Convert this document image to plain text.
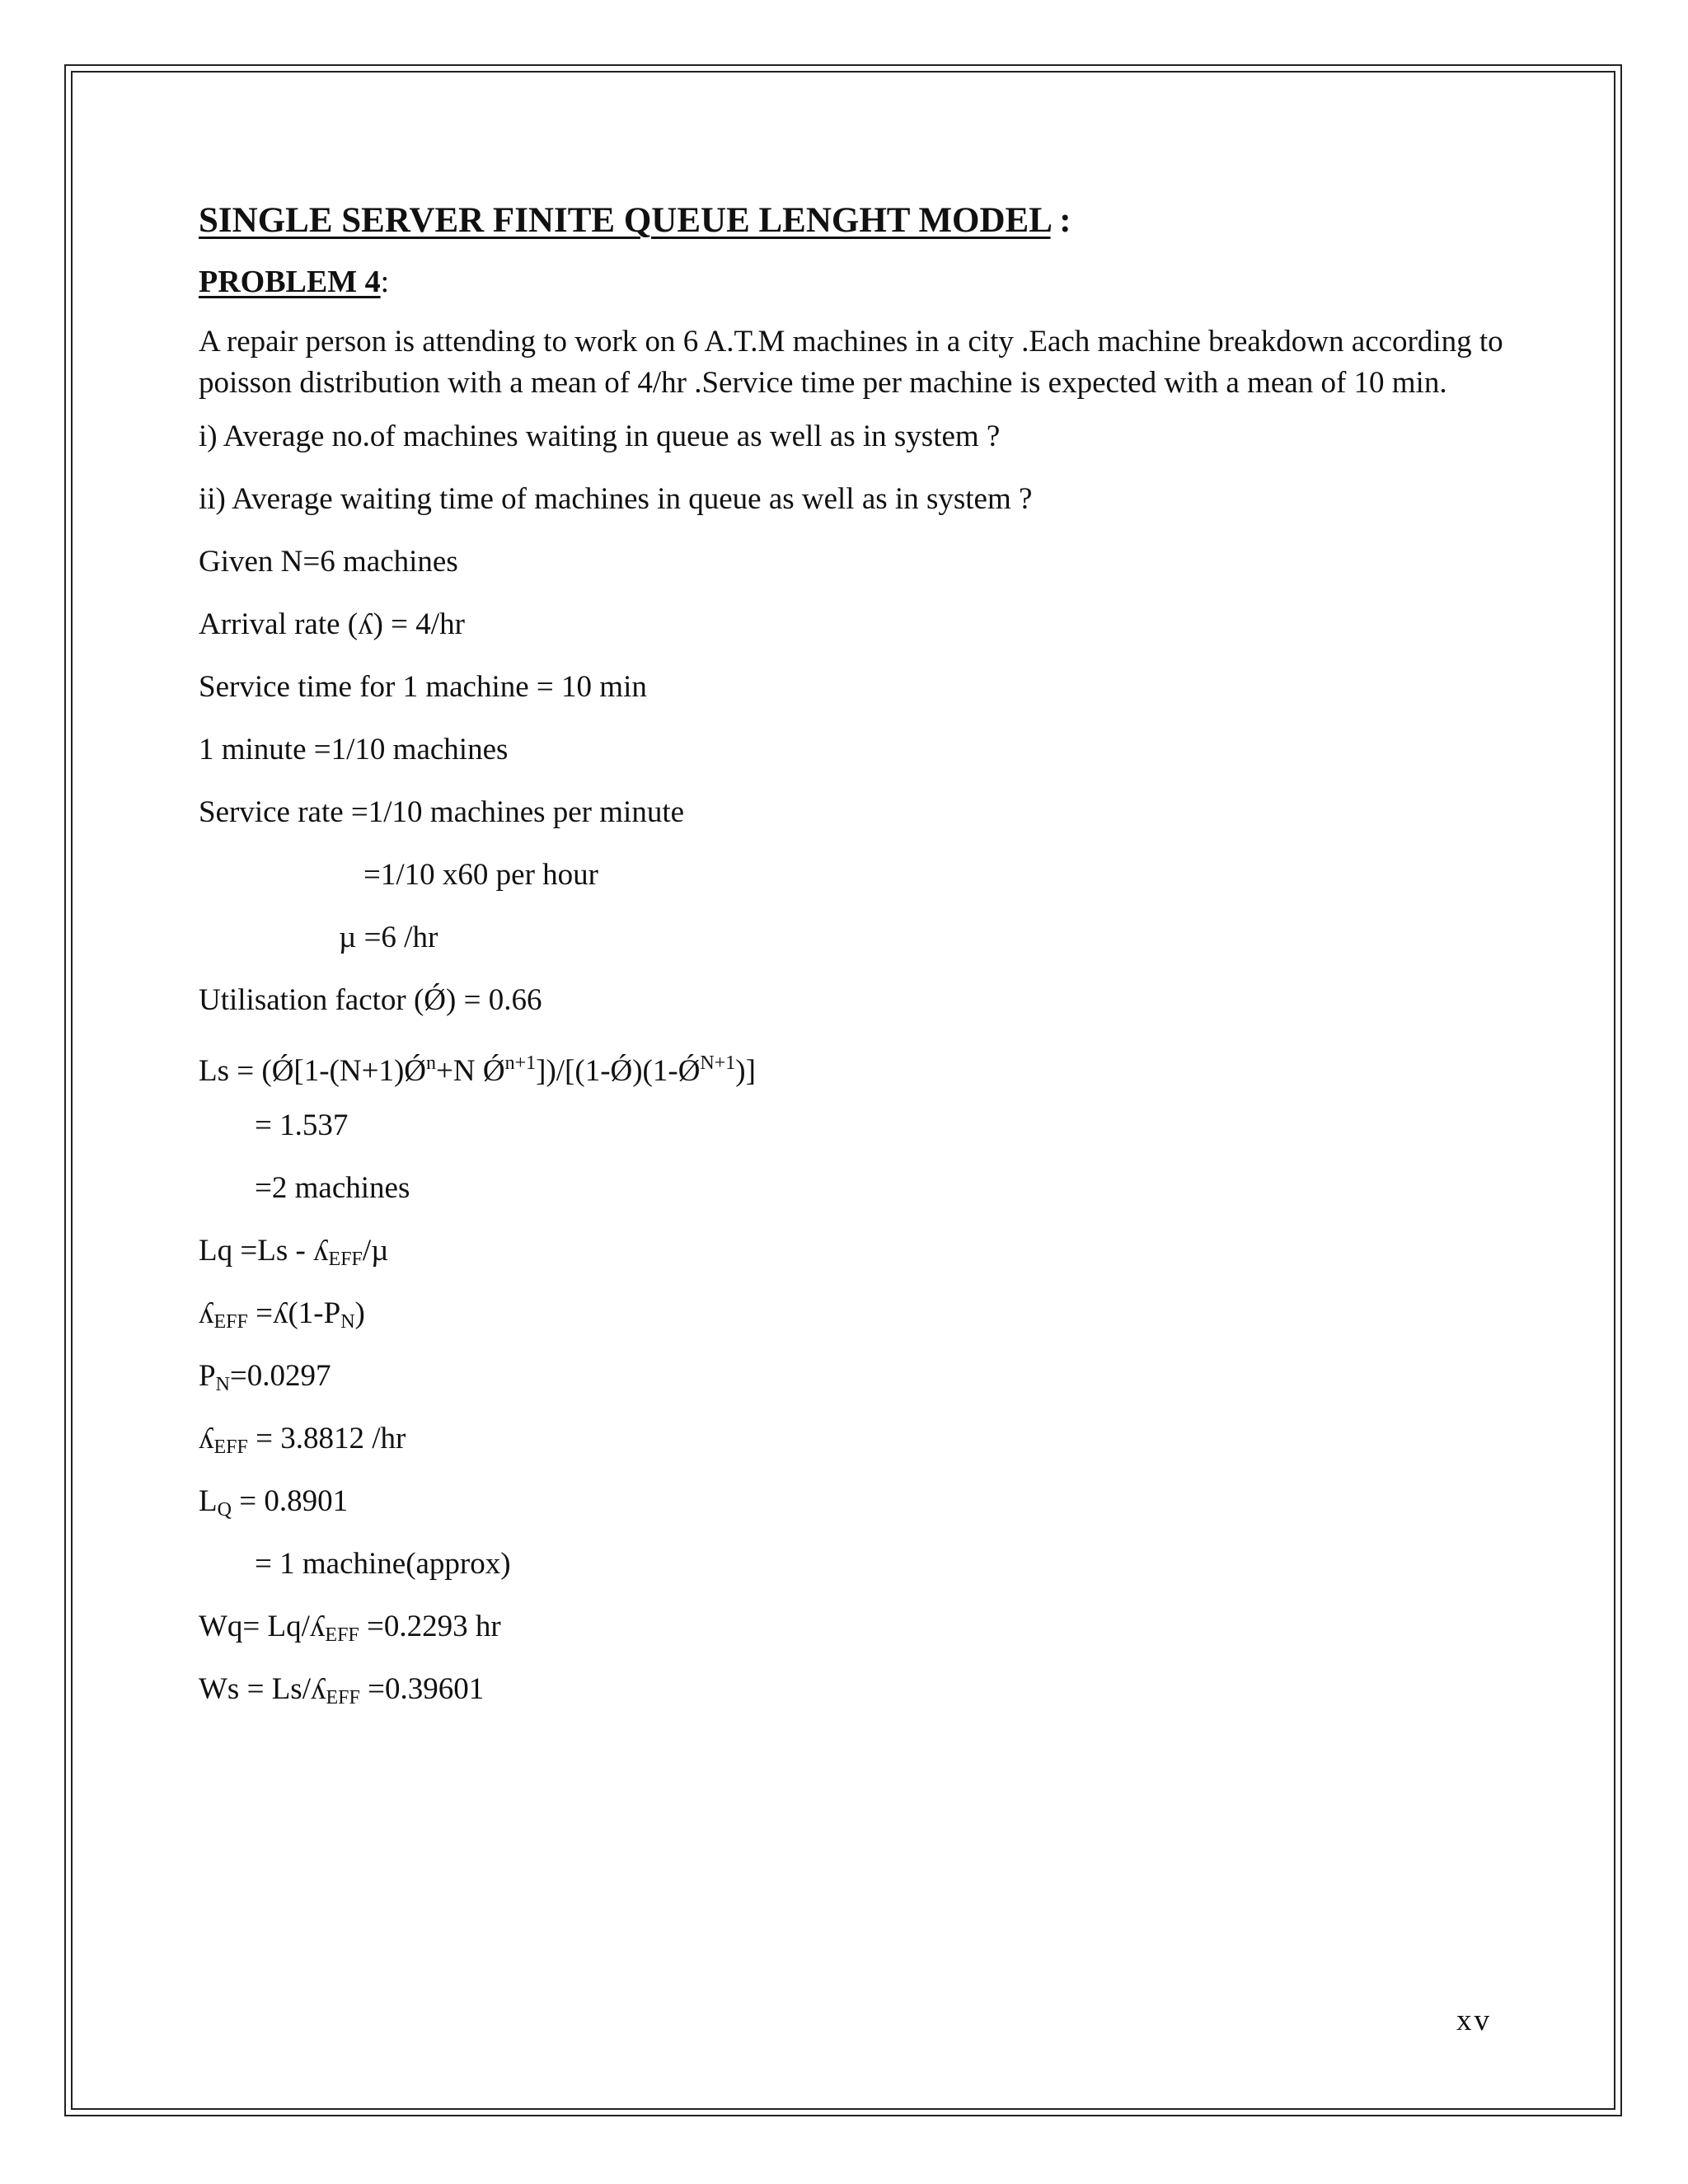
SINGLE SERVER FINITE QUEUE LENGHT MODEL :
PROBLEM 4:

A repair person is attending to work on 6 A.T.M machines in a city .Each machine breakdown according to poisson distribution with a mean of 4/hr .Service time per machine is expected with a mean of 10 min.

i) Average no.of machines waiting in queue as well as in system ?
ii) Average waiting time of machines in queue as well as in system ?
Given N=6 machines
Arrival rate (ʎ) = 4/hr
Service time for 1 machine = 10 min
1 minute =1/10 machines
Service rate =1/10 machines per minute
=1/10 x60 per hour
µ =6 /hr
Utilisation factor (Ǿ) = 0.66
$Ls = (Ǿ[1-(N+1)Ǿ^n+N$ $Ǿ^{n+1}])/[(1-Ǿ)(1-Ǿ^{N+1})]$
= 1.537
=2 machines
Lq =Ls - ʎ$_{EFF}$/µ
ʎ$_{EFF}$ $=ʎ(1-P_N)$
$P_N=0.0297$
ʎ$_{EFF}$ = 3.8812 /hr
$L_Q = 0.8901$
= 1 machine(approx)
Wq= Lq/ʎ$_{EFF}$ =0.2293 hr
Ws = Ls/ʎ$_{EFF}$ =0.39601
xv
